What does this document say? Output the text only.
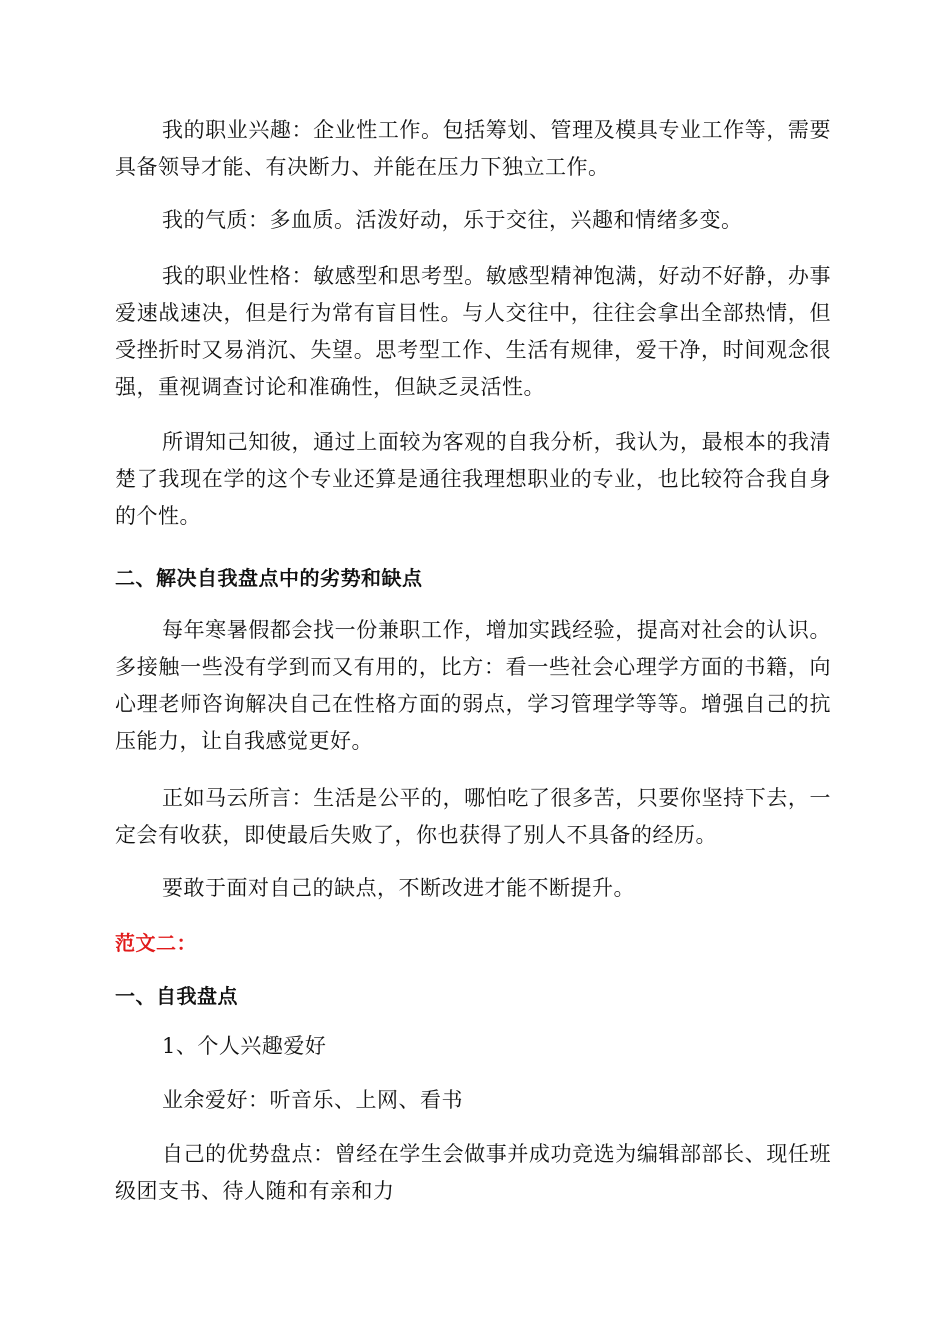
我的职业兴趣：企业性工作。包括筹划、管理及模具专业工作等，需要具备领导才能、有决断力、并能在压力下独立工作。

我的气质：多血质。活泼好动，乐于交往，兴趣和情绪多变。

我的职业性格：敏感型和思考型。敏感型精神饱满，好动不好静，办事爱速战速决，但是行为常有盲目性。与人交往中，往往会拿出全部热情，但受挫折时又易消沉、失望。思考型工作、生活有规律，爱干净，时间观念很强，重视调查讨论和准确性，但缺乏灵活性。

所谓知己知彼，通过上面较为客观的自我分析，我认为，最根本的我清楚了我现在学的这个专业还算是通往我理想职业的专业，也比较符合我自身的个性。

二、解决自我盘点中的劣势和缺点

每年寒暑假都会找一份兼职工作，增加实践经验，提高对社会的认识。多接触一些没有学到而又有用的，比方：看一些社会心理学方面的书籍，向心理老师咨询解决自己在性格方面的弱点，学习管理学等等。增强自己的抗压能力，让自我感觉更好。

正如马云所言：生活是公平的，哪怕吃了很多苦，只要你坚持下去，一定会有收获，即使最后失败了，你也获得了别人不具备的经历。

要敢于面对自己的缺点，不断改进才能不断提升。

范文二：

一、自我盘点

1、个人兴趣爱好

业余爱好：听音乐、上网、看书

自己的优势盘点：曾经在学生会做事并成功竞选为编辑部部长、现任班级团支书、待人随和有亲和力
